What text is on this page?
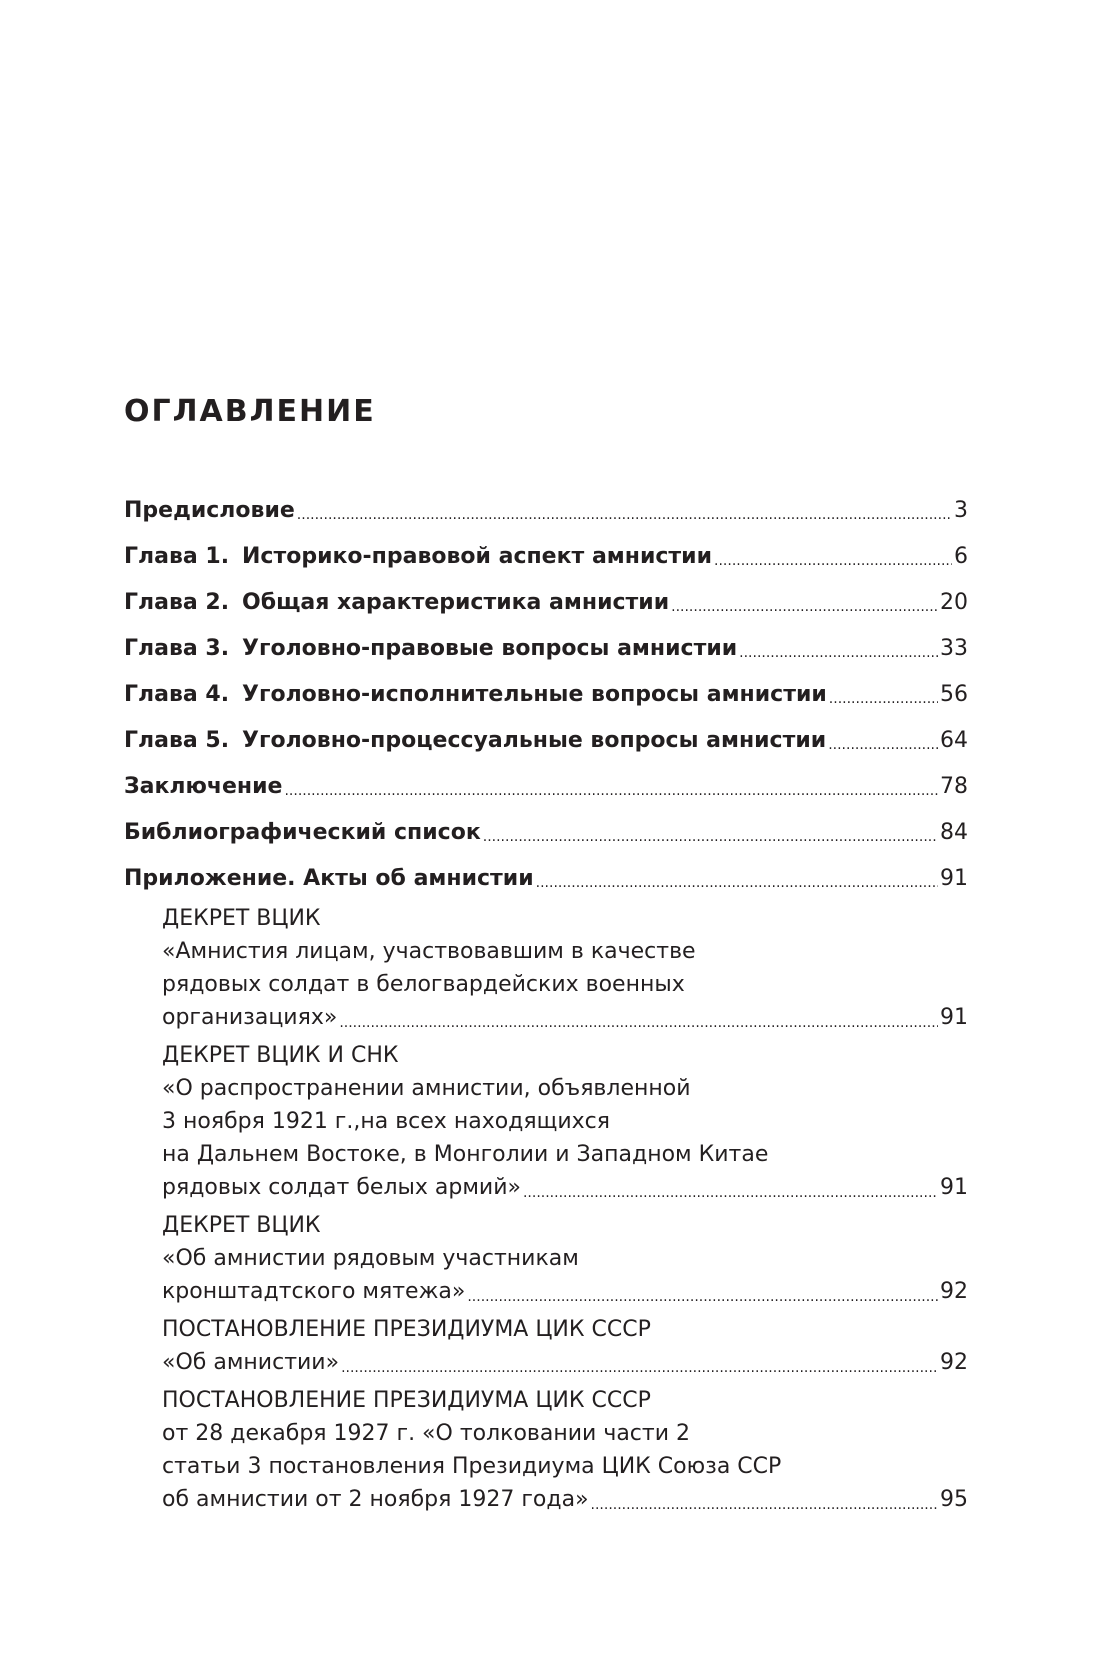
ОГЛАВЛЕНИЕ
Предисловие .....	3
Глава 1. Историко-правовой аспект амнистии .....	6
Глава 2. Общая характеристика амнистии .....	20
Глава 3. Уголовно-правовые вопросы амнистии .....	33
Глава 4. Уголовно-исполнительные вопросы амнистии .....	56
Глава 5. Уголовно-процессуальные вопросы амнистии .....	64
Заключение .....	78
Библиографический список .....	84
Приложение. Акты об амнистии .....	91
ДЕКРЕТ ВЦИК
«Амнистия лицам, участвовавшим в качестве
рядовых солдат в белогвардейских военных
организациях» .....	91
ДЕКРЕТ ВЦИК И СНК
«О распространении амнистии, объявленной
3 ноября 1921 г.,на всех находящихся
на Дальнем Востоке, в Монголии и Западном Китае
рядовых солдат белых армий» .....	91
ДЕКРЕТ ВЦИК
«Об амнистии рядовым участникам
кронштадтского мятежа» .....	92
ПОСТАНОВЛЕНИЕ ПРЕЗИДИУМА ЦИК СССР
«Об амнистии» .....	92
ПОСТАНОВЛЕНИЕ ПРЕЗИДИУМА ЦИК СССР
от 28 декабря 1927 г. «О толковании части 2
статьи 3 постановления Президиума ЦИК Союза ССР
об амнистии от 2 ноября 1927 года» .....	95
